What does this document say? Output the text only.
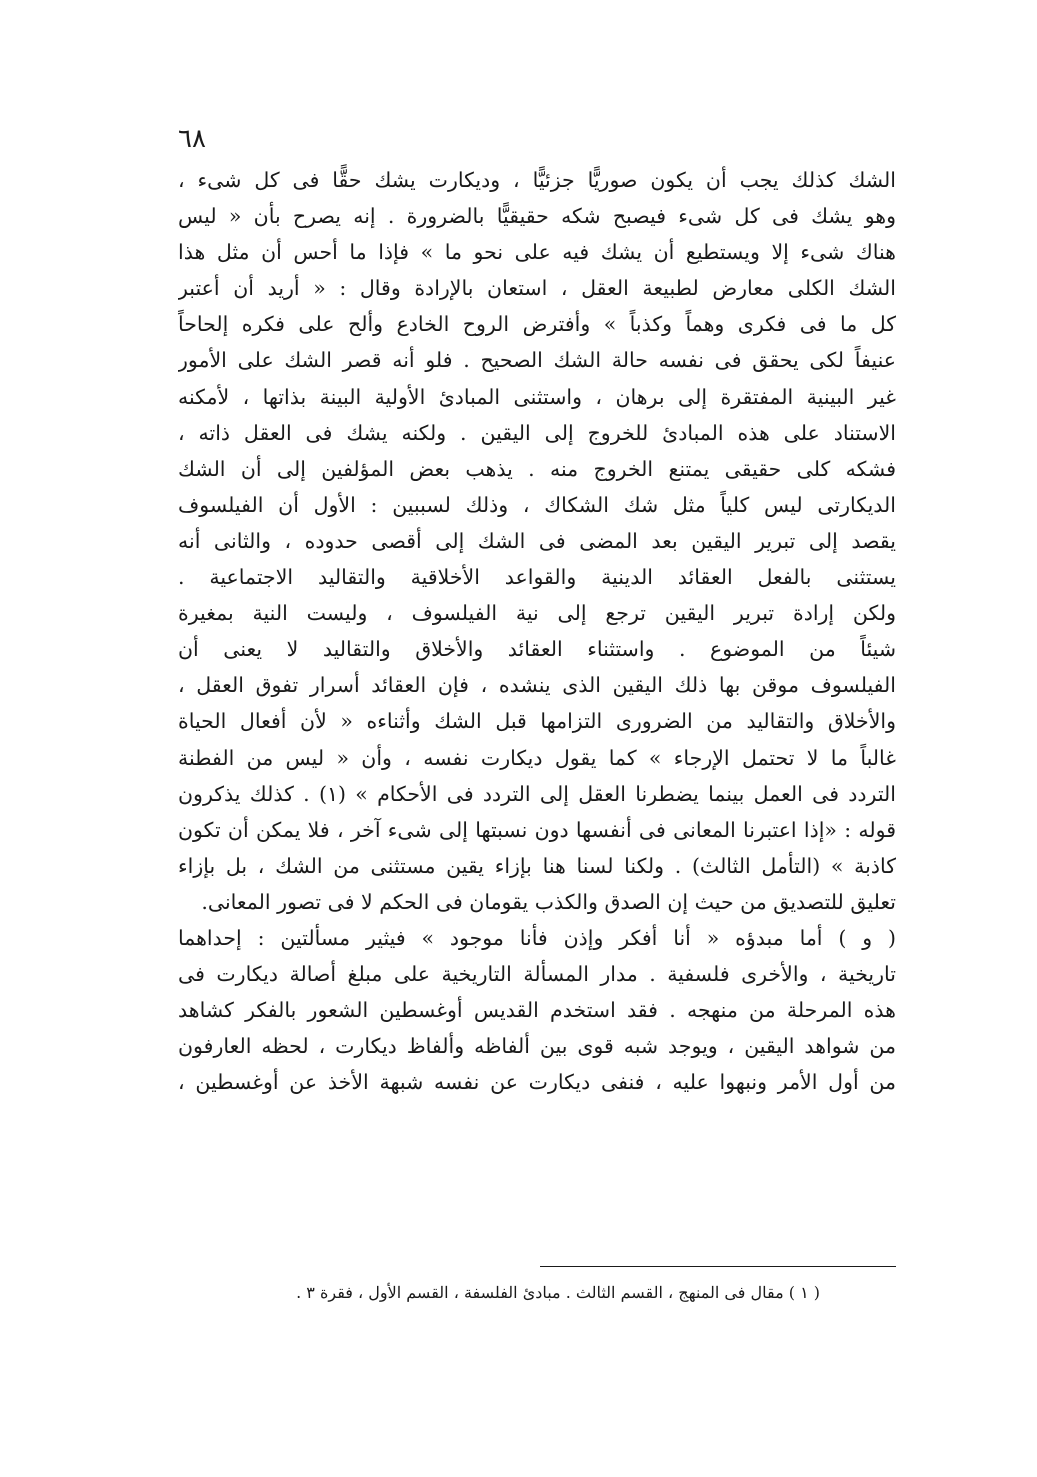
٦٨
الشك كذلك يجب أن يكون صوريًّا جزئيًّا ، وديكارت يشك حقًّا فى كل شىء ،
وهو يشك فى كل شىء فيصبح شكه حقيقيًّا بالضرورة . إنه يصرح بأن « ليس
هناك شىء إلا ويستطيع أن يشك فيه على نحو ما » فإذا ما أحس أن مثل هذا
الشك الكلى معارض لطبيعة العقل ، استعان بالإرادة وقال : « أريد أن أعتبر
كل ما فى فكرى وهماً وكذباً » وأفترض الروح الخادع وألح على فكره إلحاحاً
عنيفاً لكى يحقق فى نفسه حالة الشك الصحيح . فلو أنه قصر الشك على الأمور
غير البينية المفتقرة إلى برهان ، واستثنى المبادئ الأولية البينة بذاتها ، لأمكنه
الاستناد على هذه المبادئ للخروج إلى اليقين . ولكنه يشك فى العقل ذاته ،
فشكه كلى حقيقى يمتنع الخروج منه . يذهب بعض المؤلفين إلى أن الشك
الديكارتى ليس كلياً مثل شك الشكاك ، وذلك لسببين : الأول أن الفيلسوف
يقصد إلى تبرير اليقين بعد المضى فى الشك إلى أقصى حدوده ، والثانى أنه
يستثنى بالفعل العقائد الدينية والقواعد الأخلاقية والتقاليد الاجتماعية .
ولكن إرادة تبرير اليقين ترجع إلى نية الفيلسوف ، وليست النية بمغيرة
شيئاً من الموضوع . واستثناء العقائد والأخلاق والتقاليد لا يعنى أن
الفيلسوف موقن بها ذلك اليقين الذى ينشده ، فإن العقائد أسرار تفوق العقل ،
والأخلاق والتقاليد من الضرورى التزامها قبل الشك وأثناءه « لأن أفعال الحياة
غالباً ما لا تحتمل الإرجاء » كما يقول ديكارت نفسه ، وأن « ليس من الفطنة
التردد فى العمل بينما يضطرنا العقل إلى التردد فى الأحكام » (١) . كذلك يذكرون
قوله : «إذا اعتبرنا المعانى فى أنفسها دون نسبتها إلى شىء آخر ، فلا يمكن أن تكون
كاذبة » (التأمل الثالث) . ولكنا لسنا هنا بإزاء يقين مستثنى من الشك ، بل بإزاء
تعليق للتصديق من حيث إن الصدق والكذب يقومان فى الحكم لا فى تصور المعانى.
( و ) أما مبدؤه « أنا أفكر وإذن فأنا موجود » فيثير مسألتين : إحداهما
تاريخية ، والأخرى فلسفية . مدار المسألة التاريخية على مبلغ أصالة ديكارت فى
هذه المرحلة من منهجه . فقد استخدم القديس أوغسطين الشعور بالفكر كشاهد
من شواهد اليقين ، ويوجد شبه قوى بين ألفاظه وألفاظ ديكارت ، لحظه العارفون
من أول الأمر ونبهوا عليه ، فنفى ديكارت عن نفسه شبهة الأخذ عن أوغسطين ،
( ١ ) مقال فى المنهج ، القسم الثالث . مبادئ الفلسفة ، القسم الأول ، فقرة ٣ .
